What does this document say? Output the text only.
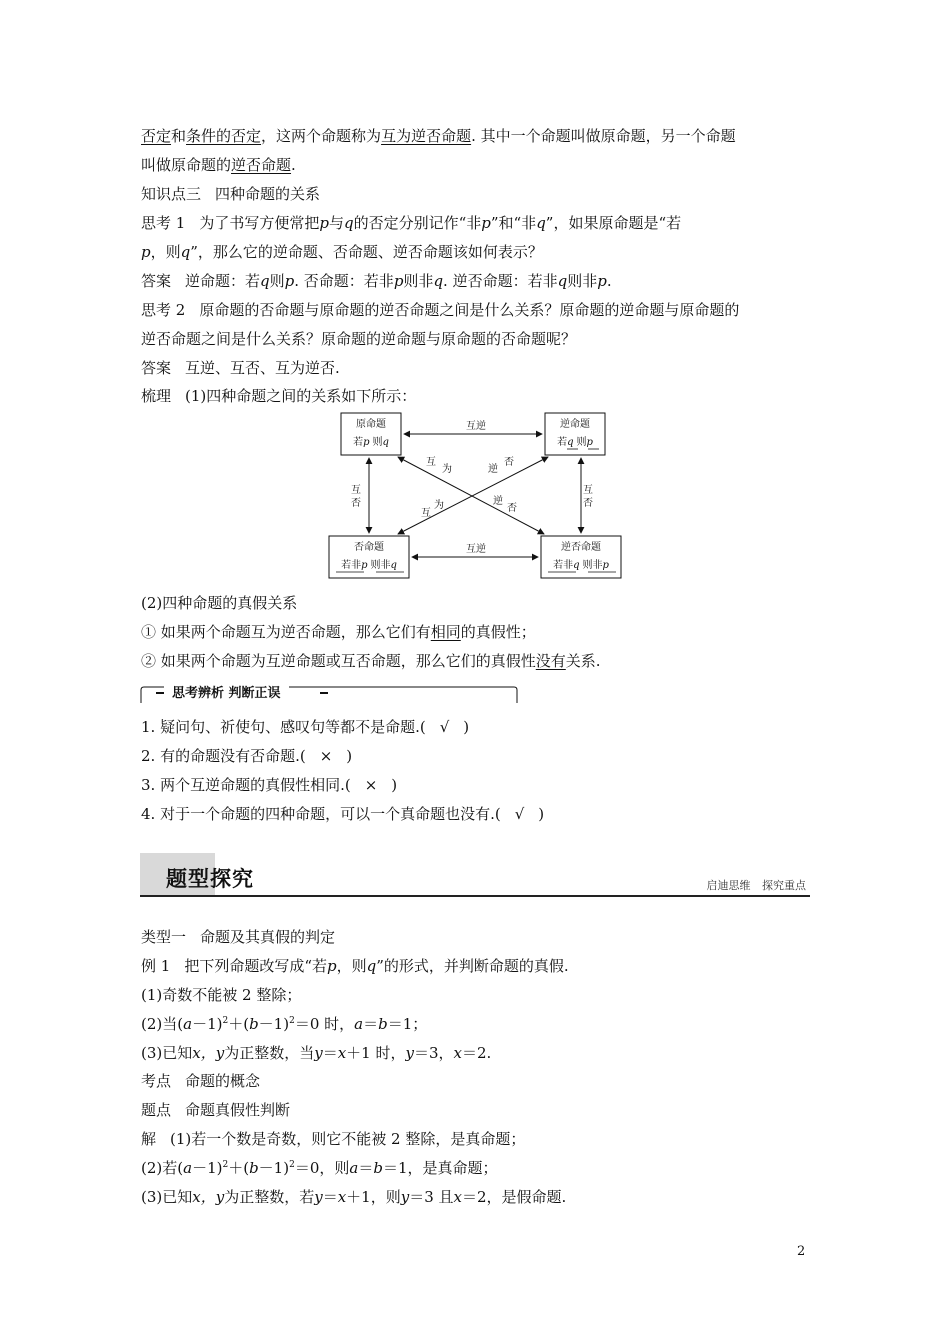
否定和条件的否定，这两个命题称为互为逆否命题. 其中一个命题叫做原命题，另一个命题
叫做原命题的逆否命题.
知识点三 四种命题的关系
思考 1 为了书写方便常把p与q的否定分别记作“非p”和“非q”，如果原命题是“若
p，则q”，那么它的逆命题、否命题、逆否命题该如何表示？
答案 逆命题：若q则p. 否命题：若非p则非q. 逆否命题：若非q则非p.
思考 2 原命题的否命题与原命题的逆否命题之间是什么关系？原命题的逆命题与原命题的
逆否命题之间是什么关系？原命题的逆命题与原命题的否命题呢？
答案 互逆、互否、互为逆否.
梳理 (1)四种命题之间的关系如下所示：
原命题
若p 则q
逆命题
若q 则p
否命题
若非p 则非q
逆否命题
若非q 则非p
互逆
互逆
互
否
互
否
互
为	逆
否
为
互
逆
否
(2)四种命题的真假关系
① 如果两个命题互为逆否命题，那么它们有相同的真假性；
② 如果两个命题为互逆命题或互否命题，那么它们的真假性没有关系.
思考辨析 判断正误
1. 疑问句、祈使句、感叹句等都不是命题.( √ )
2. 有的命题没有否命题.( × )
3. 两个互逆命题的真假性相同.( × )
4. 对于一个命题的四种命题，可以一个真命题也没有.( √ )
题型探究	启迪思维 探究重点
类型一 命题及其真假的判定
例 1 把下列命题改写成“若p，则q”的形式，并判断命题的真假.
(1)奇数不能被 2 整除；
(2)当$(a-1)^2+(b-1)^2=0$ 时，a＝b＝1；
(3)已知x，y为正整数，当y＝x＋1 时，y＝3，x＝2.
考点 命题的概念
题点 命题真假性判断
解 (1)若一个数是奇数，则它不能被 2 整除，是真命题；
(2)若$(a-1)^2+(b-1)^2=0$，则a＝b＝1，是真命题；
(3)已知x，y为正整数，若y＝x＋1，则y＝3 且x＝2，是假命题.
2
